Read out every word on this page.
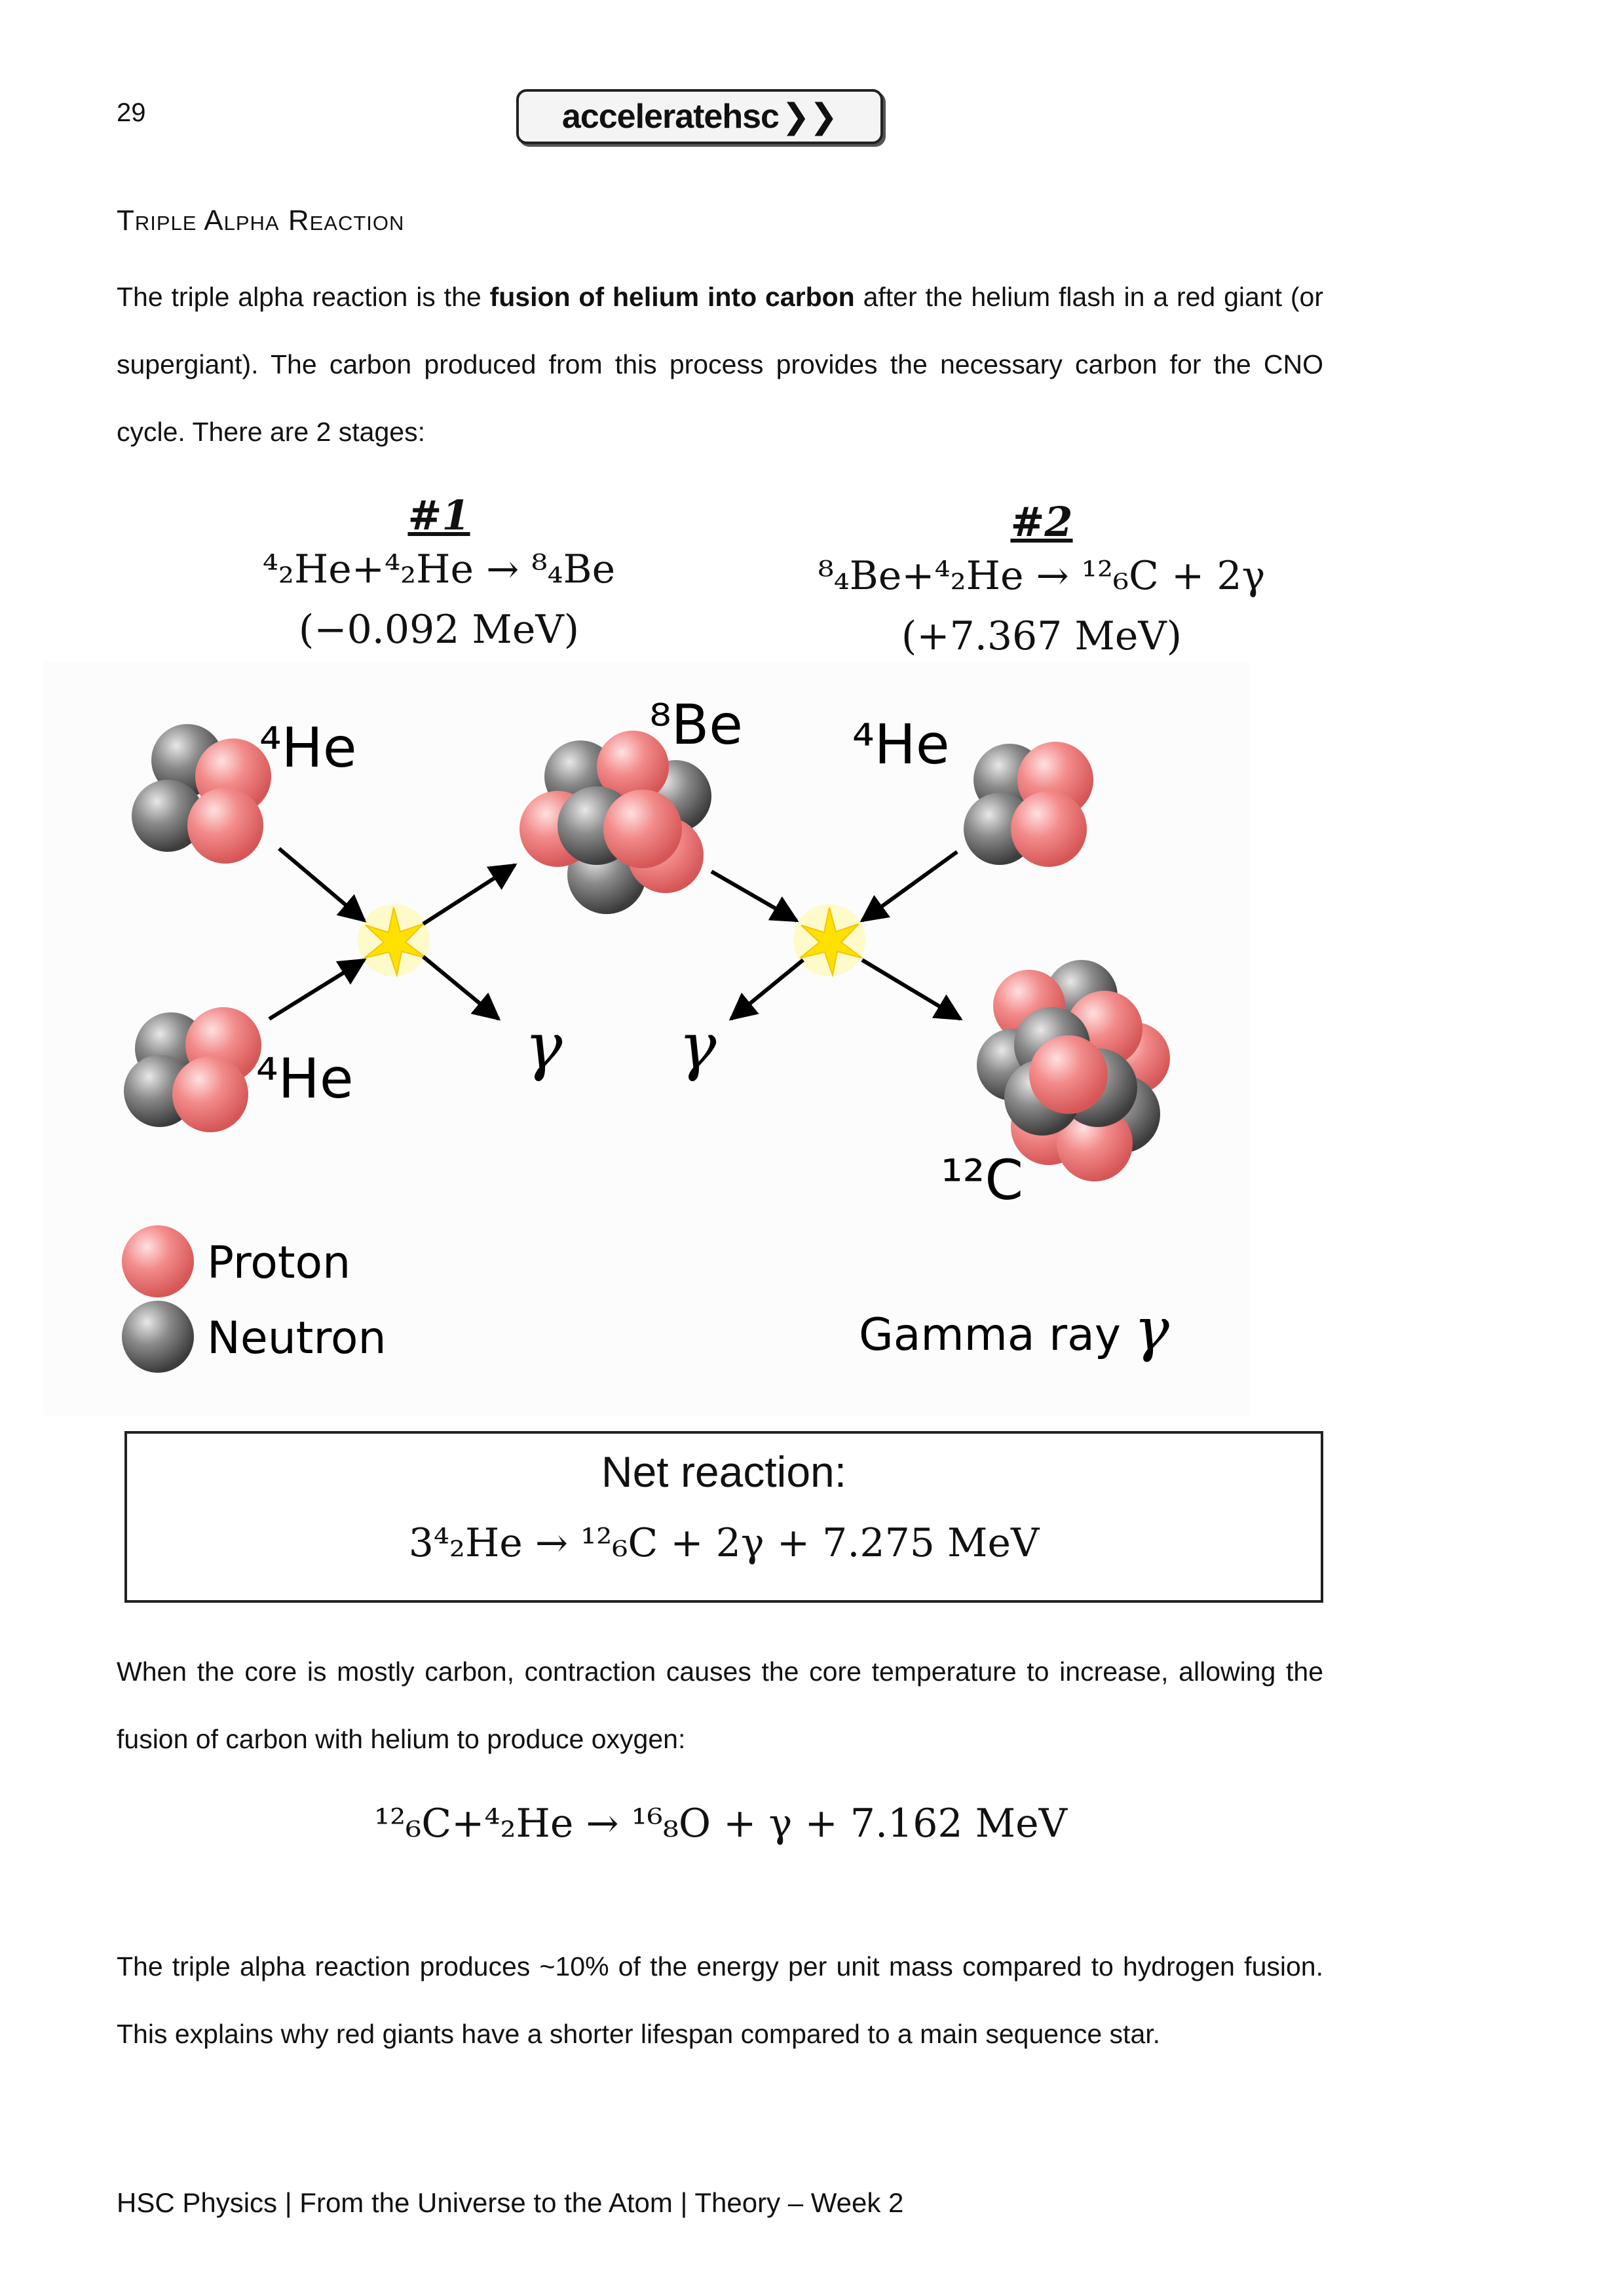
29	acceleratehsc ❯❯
Triple Alpha Reaction
The triple alpha reaction is the fusion of helium into carbon after the helium flash in a red giant (or supergiant). The carbon produced from this process provides the necessary carbon for the CNO cycle. There are 2 stages:
#1
⁴₂He+⁴₂He → ⁸₄Be
(−0.092 MeV)
#2
⁸₄Be+⁴₂He → ¹²₆C + 2γ
(+7.367 MeV)
⁴He
⁴He
⁸Be ⁴He
¹²C
γ γ
Proton
Neutron	Gamma ray γ
Net reaction:
3⁴₂He → ¹²₆C + 2γ + 7.275 MeV
When the core is mostly carbon, contraction causes the core temperature to increase, allowing the fusion of carbon with helium to produce oxygen:
¹²₆C+⁴₂He → ¹⁶₈O + γ + 7.162 MeV
The triple alpha reaction produces ~10% of the energy per unit mass compared to hydrogen fusion. This explains why red giants have a shorter lifespan compared to a main sequence star.
HSC Physics | From the Universe to the Atom | Theory – Week 2
